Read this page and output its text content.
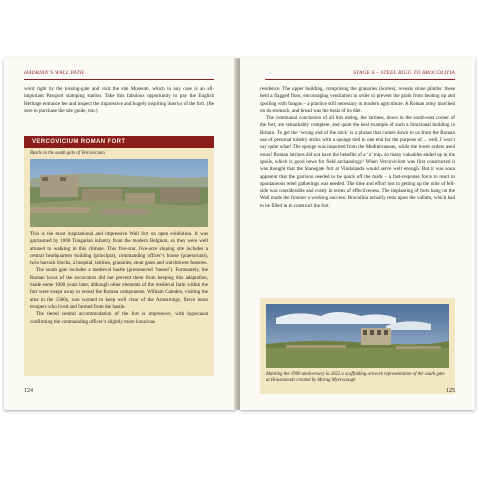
HADRIAN’S WALL PATH

word right by the kissing-gate and visit the site Museum, which in any case is an all-important Passport stamping station. Take this fabulous opportunity to pay the English Heritage entrance fee and inspect the impressive and hugely inspiring interior of the fort. (Be sure to purchase the site guide, too.)

VERCOVICIUM ROMAN FORT
Bastle in the south gate of Vercovicium

This is the most inspirational and impressive Wall fort on open exhibition. It was garrisoned by 1000 Tungarian infantry from the modern Belgium, so they were well attuned to walking in this climate. This five-star, five-acre sloping site includes a central headquarters building (principia), commanding officer’s house (praetorium), twin barrack blocks, a hospital, latrines, granaries, stout gates and watchtower features.

The south gate includes a medieval bastle (pronounced ‘bassel’). Fortunately, the Roman locus of the excavators did not prevent them from keeping this adaptation, made some 1000 years later, although other elements of the medieval farm within the fort were swept away to reveal the Roman components. William Camden, visiting the area in the 1580s, was warned to keep well clear of the Armstrongs, fierce moss troopers who lived and farmed from the bastle.

The tiered central accommodation of the fort is impressive, with hypocaust confirming the commanding officer’s slightly more luxurious

124
STAGE 6 – STEEL RIGG TO BROCOLITIA

residence. The upper building, comprising the granaries (horrea), reveals stone plinths: these held a flagged floor, encouraging ventilation in order to prevent the grain from heating up and spoiling with fungus – a practice still necessary in modern agriculture. A Roman army marched on its stomach, and bread was the basis of its diet.

The communal conclusion of all this eating, the latrines, down in the south-east corner of the fort, are remarkably complete, and quite the best example of such a functional building in Britain. To get the ‘wrong end of the stick’ is a phrase that comes down to us from the Roman use of personal toiletry sticks with a sponge tied to one end for the purpose of… well, I won’t say quite what! The sponge was imported from the Mediterranean, while the lower orders used moss! Roman latrines did not have the benefits of a ‘u’ trap, so many valuables ended up in the spoils, which is good news for field archaeology! When Vercovicium was first constructed it was thought that the Stanegate fort at Vindolanda would serve well enough. But it was soon apparent that the garrison needed to be quick off the mark – a fast-response force to react to spontaneous rebel gatherings was needed. The time and effort lost in getting up the mile of fell-side was considerable and costly in terms of effectiveness. The implanting of forts hang on the Wall made the frontier a working success: Brocolitia actually rests upon the vallum, which had to be filled in to construct the fort.

Marking the 1900 anniversary in 2022 a scaffolding artwork representation of the south gate at Housesteads created by Morag Myerscough
125
